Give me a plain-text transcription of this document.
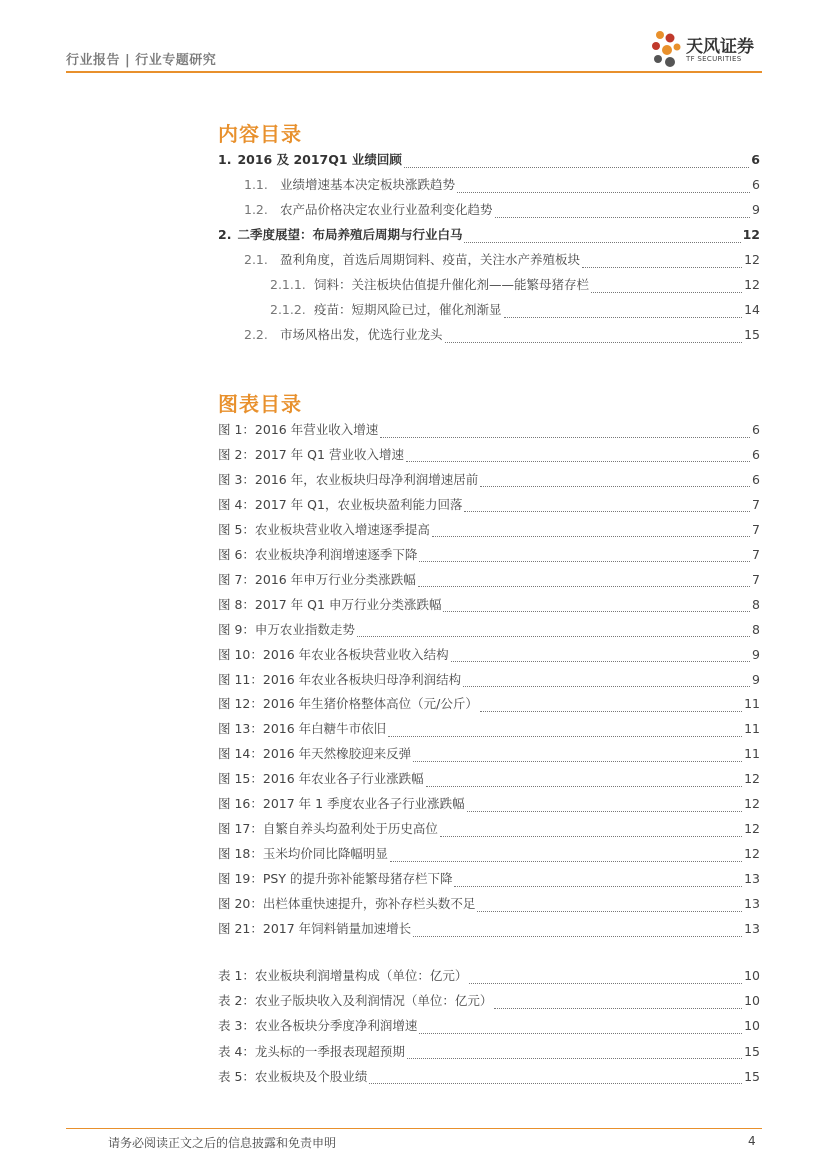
行业报告 | 行业专题研究
天风证券
TF SECURITIES
内容目录
1. 2016 及 2017Q1 业绩回顾	6
1.1. 业绩增速基本决定板块涨跌趋势	6
1.2. 农产品价格决定农业行业盈利变化趋势	9
2. 二季度展望：布局养殖后周期与行业白马	12
2.1. 盈利角度，首选后周期饲料、疫苗，关注水产养殖板块	12
2.1.1. 饲料：关注板块估值提升催化剂——能繁母猪存栏	12
2.1.2. 疫苗：短期风险已过，催化剂渐显	14
2.2. 市场风格出发，优选行业龙头	15
图表目录
图 1：2016 年营业收入增速	6
图 2：2017 年 Q1 营业收入增速	6
图 3：2016 年，农业板块归母净利润增速居前	6
图 4：2017 年 Q1，农业板块盈利能力回落	7
图 5：农业板块营业收入增速逐季提高	7
图 6：农业板块净利润增速逐季下降	7
图 7：2016 年申万行业分类涨跌幅	7
图 8：2017 年 Q1 申万行业分类涨跌幅	8
图 9：申万农业指数走势	8
图 10：2016 年农业各板块营业收入结构	9
图 11：2016 年农业各板块归母净利润结构	9
图 12：2016 年生猪价格整体高位（元/公斤）	11
图 13：2016 年白糖牛市依旧	11
图 14：2016 年天然橡胶迎来反弹	11
图 15：2016 年农业各子行业涨跌幅	12
图 16：2017 年 1 季度农业各子行业涨跌幅	12
图 17：自繁自养头均盈利处于历史高位	12
图 18：玉米均价同比降幅明显	12
图 19：PSY 的提升弥补能繁母猪存栏下降	13
图 20：出栏体重快速提升，弥补存栏头数不足	13
图 21：2017 年饲料销量加速增长	13
表 1：农业板块利润增量构成（单位：亿元）	10
表 2：农业子版块收入及利润情况（单位：亿元）	10
表 3：农业各板块分季度净利润增速	10
表 4：龙头标的一季报表现超预期	15
表 5：农业板块及个股业绩	15
请务必阅读正文之后的信息披露和免责申明	4
